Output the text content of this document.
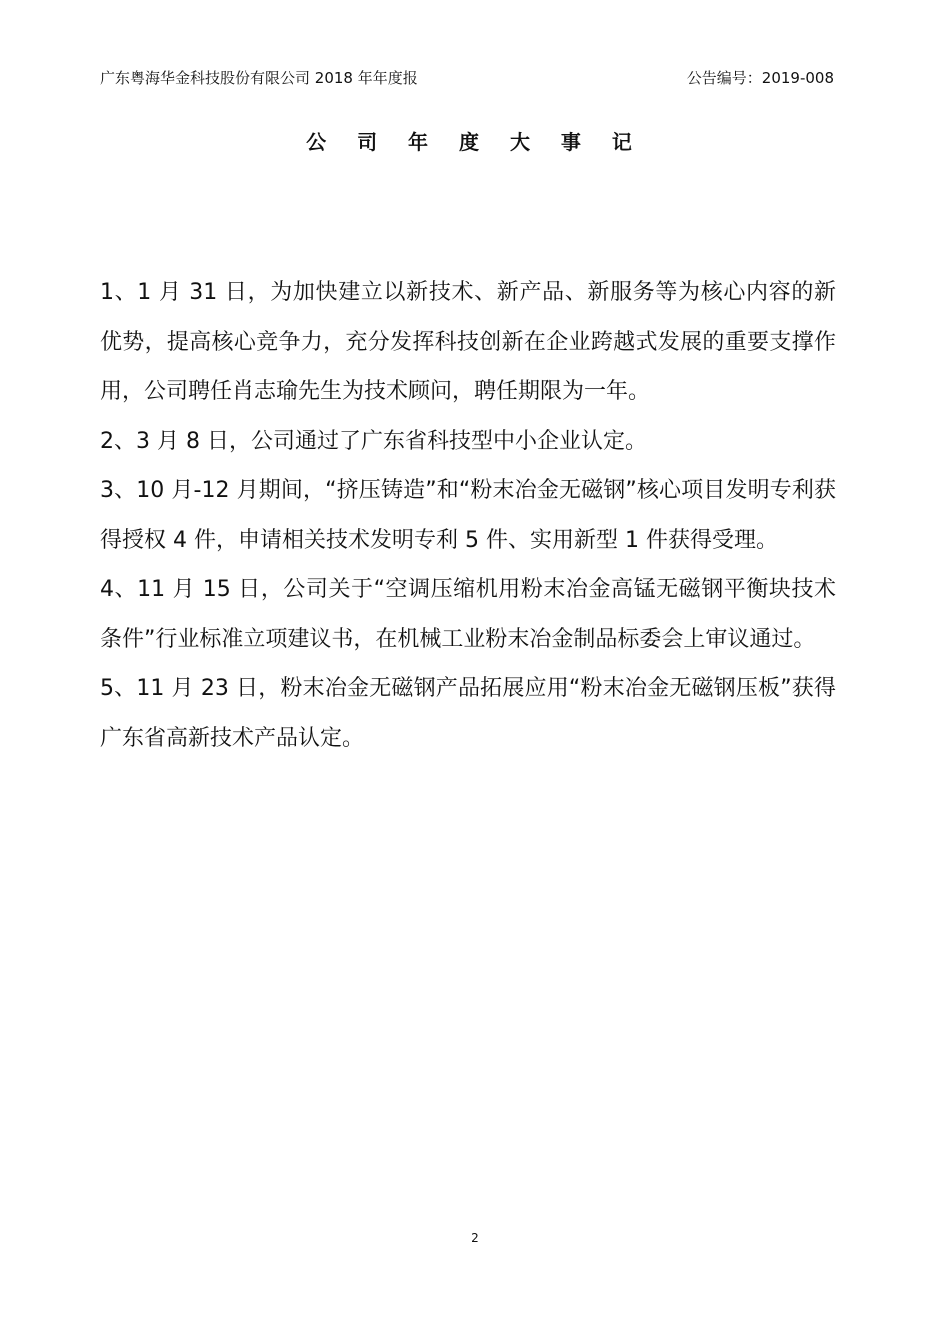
广东粤海华金科技股份有限公司 2018 年年度报	公告编号：2019-008
公 司 年 度 大 事 记

1、1 月 31 日，为加快建立以新技术、新产品、新服务等为核心内容的新优势，提高核心竞争力，充分发挥科技创新在企业跨越式发展的重要支撑作用，公司聘任肖志瑜先生为技术顾问，聘任期限为一年。

2、3 月 8 日，公司通过了广东省科技型中小企业认定。

3、10 月-12 月期间，“挤压铸造”和“粉末冶金无磁钢”核心项目发明专利获得授权 4 件，申请相关技术发明专利 5 件、实用新型 1 件获得受理。

4、11 月 15 日，公司关于“空调压缩机用粉末冶金高锰无磁钢平衡块技术条件”行业标准立项建议书，在机械工业粉末冶金制品标委会上审议通过。

5、11 月 23 日，粉末冶金无磁钢产品拓展应用“粉末冶金无磁钢压板”获得广东省高新技术产品认定。

2
